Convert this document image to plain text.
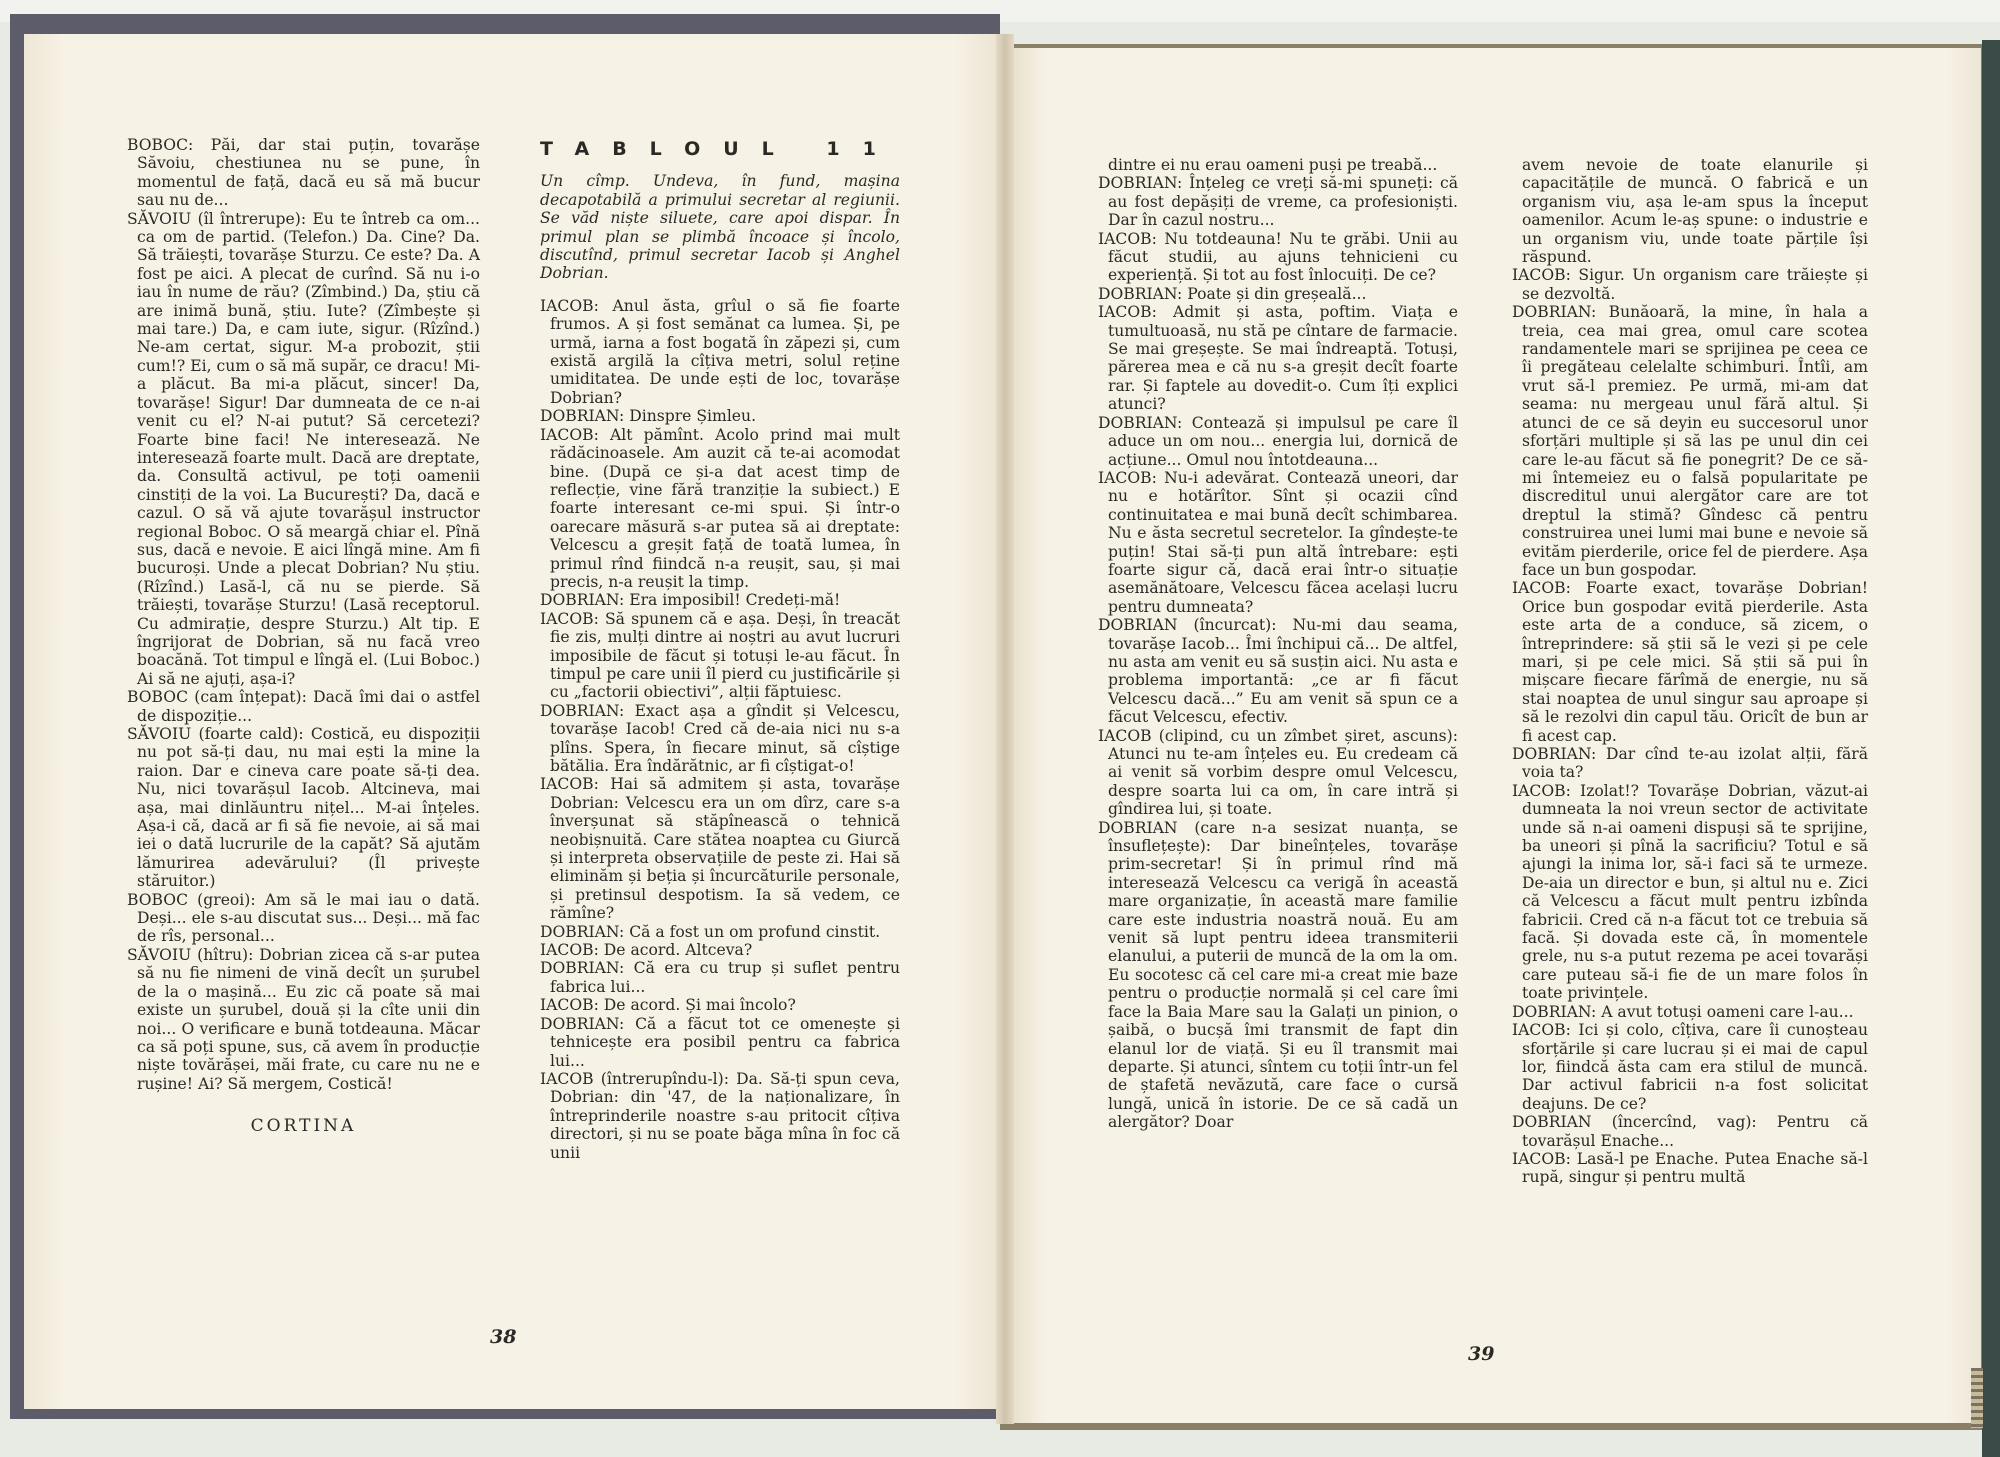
BOBOC: Păi, dar stai puțin, tovarășe Săvoiu, chestiunea nu se pune, în momentul de față, dacă eu să mă bucur sau nu de...

SĂVOIU (îl întrerupe): Eu te întreb ca om... ca om de partid. (Telefon.) Da. Cine? Da. Să trăiești, tovarășe Sturzu. Ce este? Da. A fost pe aici. A plecat de curînd. Să nu i-o iau în nume de rău? (Zîmbind.) Da, știu că are inimă bună, știu. Iute? (Zîmbește și mai tare.) Da, e cam iute, sigur. (Rîzînd.) Ne-am certat, sigur. M-a probozit, știi cum!? Ei, cum o să mă supăr, ce dracu! Mi-a plăcut. Ba mi-a plăcut, sincer! Da, tovarășe! Sigur! Dar dumneata de ce n-ai venit cu el? N-ai putut? Să cercetezi? Foarte bine faci! Ne interesează. Ne interesează foarte mult. Dacă are dreptate, da. Consultă activul, pe toți oamenii cinstiți de la voi. La București? Da, dacă e cazul. O să vă ajute tovarășul instructor regional Boboc. O să meargă chiar el. Pînă sus, dacă e nevoie. E aici lîngă mine. Am fi bucuroși. Unde a plecat Dobrian? Nu știu. (Rîzînd.) Lasă-l, că nu se pierde. Să trăiești, tovarășe Sturzu! (Lasă receptorul. Cu admirație, despre Sturzu.) Alt tip. E îngrijorat de Dobrian, să nu facă vreo boacănă. Tot timpul e lîngă el. (Lui Boboc.) Ai să ne ajuți, așa-i?

BOBOC (cam înțepat): Dacă îmi dai o astfel de dispoziție...

SĂVOIU (foarte cald): Costică, eu dispoziții nu pot să-ți dau, nu mai ești la mine la raion. Dar e cineva care poate să-ți dea. Nu, nici tovarășul Iacob. Altcineva, mai așa, mai dinlăuntru nițel... M-ai înțeles. Așa-i că, dacă ar fi să fie nevoie, ai să mai iei o dată lucrurile de la capăt? Să ajutăm lămurirea adevărului? (Îl privește stăruitor.)

BOBOC (greoi): Am să le mai iau o dată. Deși... ele s-au discutat sus... Deși... mă fac de rîs, personal...

SĂVOIU (hîtru): Dobrian zicea că s-ar putea să nu fie nimeni de vină decît un șurubel de la o mașină... Eu zic că poate să mai existe un șurubel, două și la cîte unii din noi... O verificare e bună totdeauna. Măcar ca să poți spune, sus, că avem în producție niște tovărășei, măi frate, cu care nu ne e rușine! Ai? Să mergem, Costică!

CORTINA

TABLOUL 11

Un cîmp. Undeva, în fund, mașina decapotabilă a primului secretar al regiunii. Se văd niște siluete, care apoi dispar. În primul plan se plimbă încoace și încolo, discutînd, primul secretar Iacob și Anghel Dobrian.

IACOB: Anul ăsta, grîul o să fie foarte frumos. A și fost semănat ca lumea. Și, pe urmă, iarna a fost bogată în zăpezi și, cum există argilă la cîțiva metri, solul reține umiditatea. De unde ești de loc, tovarășe Dobrian?

DOBRIAN: Dinspre Șimleu.

IACOB: Alt pămînt. Acolo prind mai mult rădăcinoasele. Am auzit că te-ai acomodat bine. (După ce și-a dat acest timp de reflecție, vine fără tranziție la subiect.) E foarte interesant ce-mi spui. Și într-o oarecare măsură s-ar putea să ai dreptate: Velcescu a greșit față de toată lumea, în primul rînd fiindcă n-a reușit, sau, și mai precis, n-a reușit la timp.

DOBRIAN: Era imposibil! Credeți-mă!

IACOB: Să spunem că e așa. Deși, în treacăt fie zis, mulți dintre ai noștri au avut lucruri imposibile de făcut și totuși le-au făcut. În timpul pe care unii îl pierd cu justificările și cu „factorii obiectivi”, alții făptuiesc.

DOBRIAN: Exact așa a gîndit și Velcescu, tovarășe Iacob! Cred că de-aia nici nu s-a plîns. Spera, în fiecare minut, să cîștige bătălia. Era îndărătnic, ar fi cîștigat-o!

IACOB: Hai să admitem și asta, tovarășe Dobrian: Velcescu era un om dîrz, care s-a înverșunat să stăpînească o tehnică neobișnuită. Care stătea noaptea cu Giurcă și interpreta observațiile de peste zi. Hai să eliminăm și beția și încurcăturile personale, și pretinsul despotism. Ia să vedem, ce rămîne?

DOBRIAN: Că a fost un om profund cinstit.

IACOB: De acord. Altceva?

DOBRIAN: Că era cu trup și suflet pentru fabrica lui...

IACOB: De acord. Și mai încolo?

DOBRIAN: Că a făcut tot ce omenește și tehnicește era posibil pentru ca fabrica lui...

IACOB (întrerupîndu-l): Da. Să-ți spun ceva, Dobrian: din '47, de la naționalizare, în întreprinderile noastre s-au pritocit cîțiva directori, și nu se poate băga mîna în foc că unii

38

dintre ei nu erau oameni puși pe treabă...

DOBRIAN: Înțeleg ce vreți să-mi spuneți: că au fost depășiți de vreme, ca profesioniști. Dar în cazul nostru...

IACOB: Nu totdeauna! Nu te grăbi. Unii au făcut studii, au ajuns tehnicieni cu experiență. Și tot au fost înlocuiți. De ce?

DOBRIAN: Poate și din greșeală...

IACOB: Admit și asta, poftim. Viața e tumultuoasă, nu stă pe cîntare de farmacie. Se mai greșește. Se mai îndreaptă. Totuși, părerea mea e că nu s-a greșit decît foarte rar. Și faptele au dovedit-o. Cum îți explici atunci?

DOBRIAN: Contează și impulsul pe care îl aduce un om nou... energia lui, dornică de acțiune... Omul nou întotdeauna...

IACOB: Nu-i adevărat. Contează uneori, dar nu e hotărîtor. Sînt și ocazii cînd continuitatea e mai bună decît schimbarea. Nu e ăsta secretul secretelor. Ia gîndește-te puțin! Stai să-ți pun altă întrebare: ești foarte sigur că, dacă erai într-o situație asemănătoare, Velcescu făcea același lucru pentru dumneata?

DOBRIAN (încurcat): Nu-mi dau seama, tovarășe Iacob... Îmi închipui că... De altfel, nu asta am venit eu să susțin aici. Nu asta e problema importantă: „ce ar fi făcut Velcescu dacă...” Eu am venit să spun ce a făcut Velcescu, efectiv.

IACOB (clipind, cu un zîmbet șiret, ascuns): Atunci nu te-am înțeles eu. Eu credeam că ai venit să vorbim despre omul Velcescu, despre soarta lui ca om, în care intră și gîndirea lui, și toate.

DOBRIAN (care n-a sesizat nuanța, se însuflețește): Dar bineînțeles, tovarășe prim-secretar! Și în primul rînd mă interesează Velcescu ca verigă în această mare organizație, în această mare familie care este industria noastră nouă. Eu am venit să lupt pentru ideea transmiterii elanului, a puterii de muncă de la om la om. Eu socotesc că cel care mi-a creat mie baze pentru o producție normală și cel care îmi face la Baia Mare sau la Galați un pinion, o șaibă, o bucșă îmi transmit de fapt din elanul lor de viață. Și eu îl transmit mai departe. Și atunci, sîntem cu toții într-un fel de ștafetă nevăzută, care face o cursă lungă, unică în istorie. De ce să cadă un alergător? Doar

avem nevoie de toate elanurile și capacitățile de muncă. O fabrică e un organism viu, așa le-am spus la început oamenilor. Acum le-aș spune: o industrie e un organism viu, unde toate părțile își răspund.

IACOB: Sigur. Un organism care trăiește și se dezvoltă.

DOBRIAN: Bunăoară, la mine, în hala a treia, cea mai grea, omul care scotea randamentele mari se sprijinea pe ceea ce îi pregăteau celelalte schimburi. Întîi, am vrut să-l premiez. Pe urmă, mi-am dat seama: nu mergeau unul fără altul. Și atunci de ce să deyin eu succesorul unor sforțări multiple și să las pe unul din cei care le-au făcut să fie ponegrit? De ce să-mi întemeiez eu o falsă popularitate pe discreditul unui alergător care are tot dreptul la stimă? Gîndesc că pentru construirea unei lumi mai bune e nevoie să evităm pierderile, orice fel de pierdere. Așa face un bun gospodar.

IACOB: Foarte exact, tovarășe Dobrian! Orice bun gospodar evită pierderile. Asta este arta de a conduce, să zicem, o întreprindere: să știi să le vezi și pe cele mari, și pe cele mici. Să știi să pui în mișcare fiecare fărîmă de energie, nu să stai noaptea de unul singur sau aproape și să le rezolvi din capul tău. Oricît de bun ar fi acest cap.

DOBRIAN: Dar cînd te-au izolat alții, fără voia ta?

IACOB: Izolat!? Tovarășe Dobrian, văzut-ai dumneata la noi vreun sector de activitate unde să n-ai oameni dispuși să te sprijine, ba uneori și pînă la sacrificiu? Totul e să ajungi la inima lor, să-i faci să te urmeze. De-aia un director e bun, și altul nu e. Zici că Velcescu a făcut mult pentru izbînda fabricii. Cred că n-a făcut tot ce trebuia să facă. Și dovada este că, în momentele grele, nu s-a putut rezema pe acei tovarăși care puteau să-i fie de un mare folos în toate privințele.

DOBRIAN: A avut totuși oameni care l-au...

IACOB: Ici și colo, cîțiva, care îi cunoșteau sforțările și care lucrau și ei mai de capul lor, fiindcă ăsta cam era stilul de muncă. Dar activul fabricii n-a fost solicitat deajuns. De ce?

DOBRIAN (încercînd, vag): Pentru că tovarășul Enache...

IACOB: Lasă-l pe Enache. Putea Enache să-l rupă, singur și pentru multă

39
